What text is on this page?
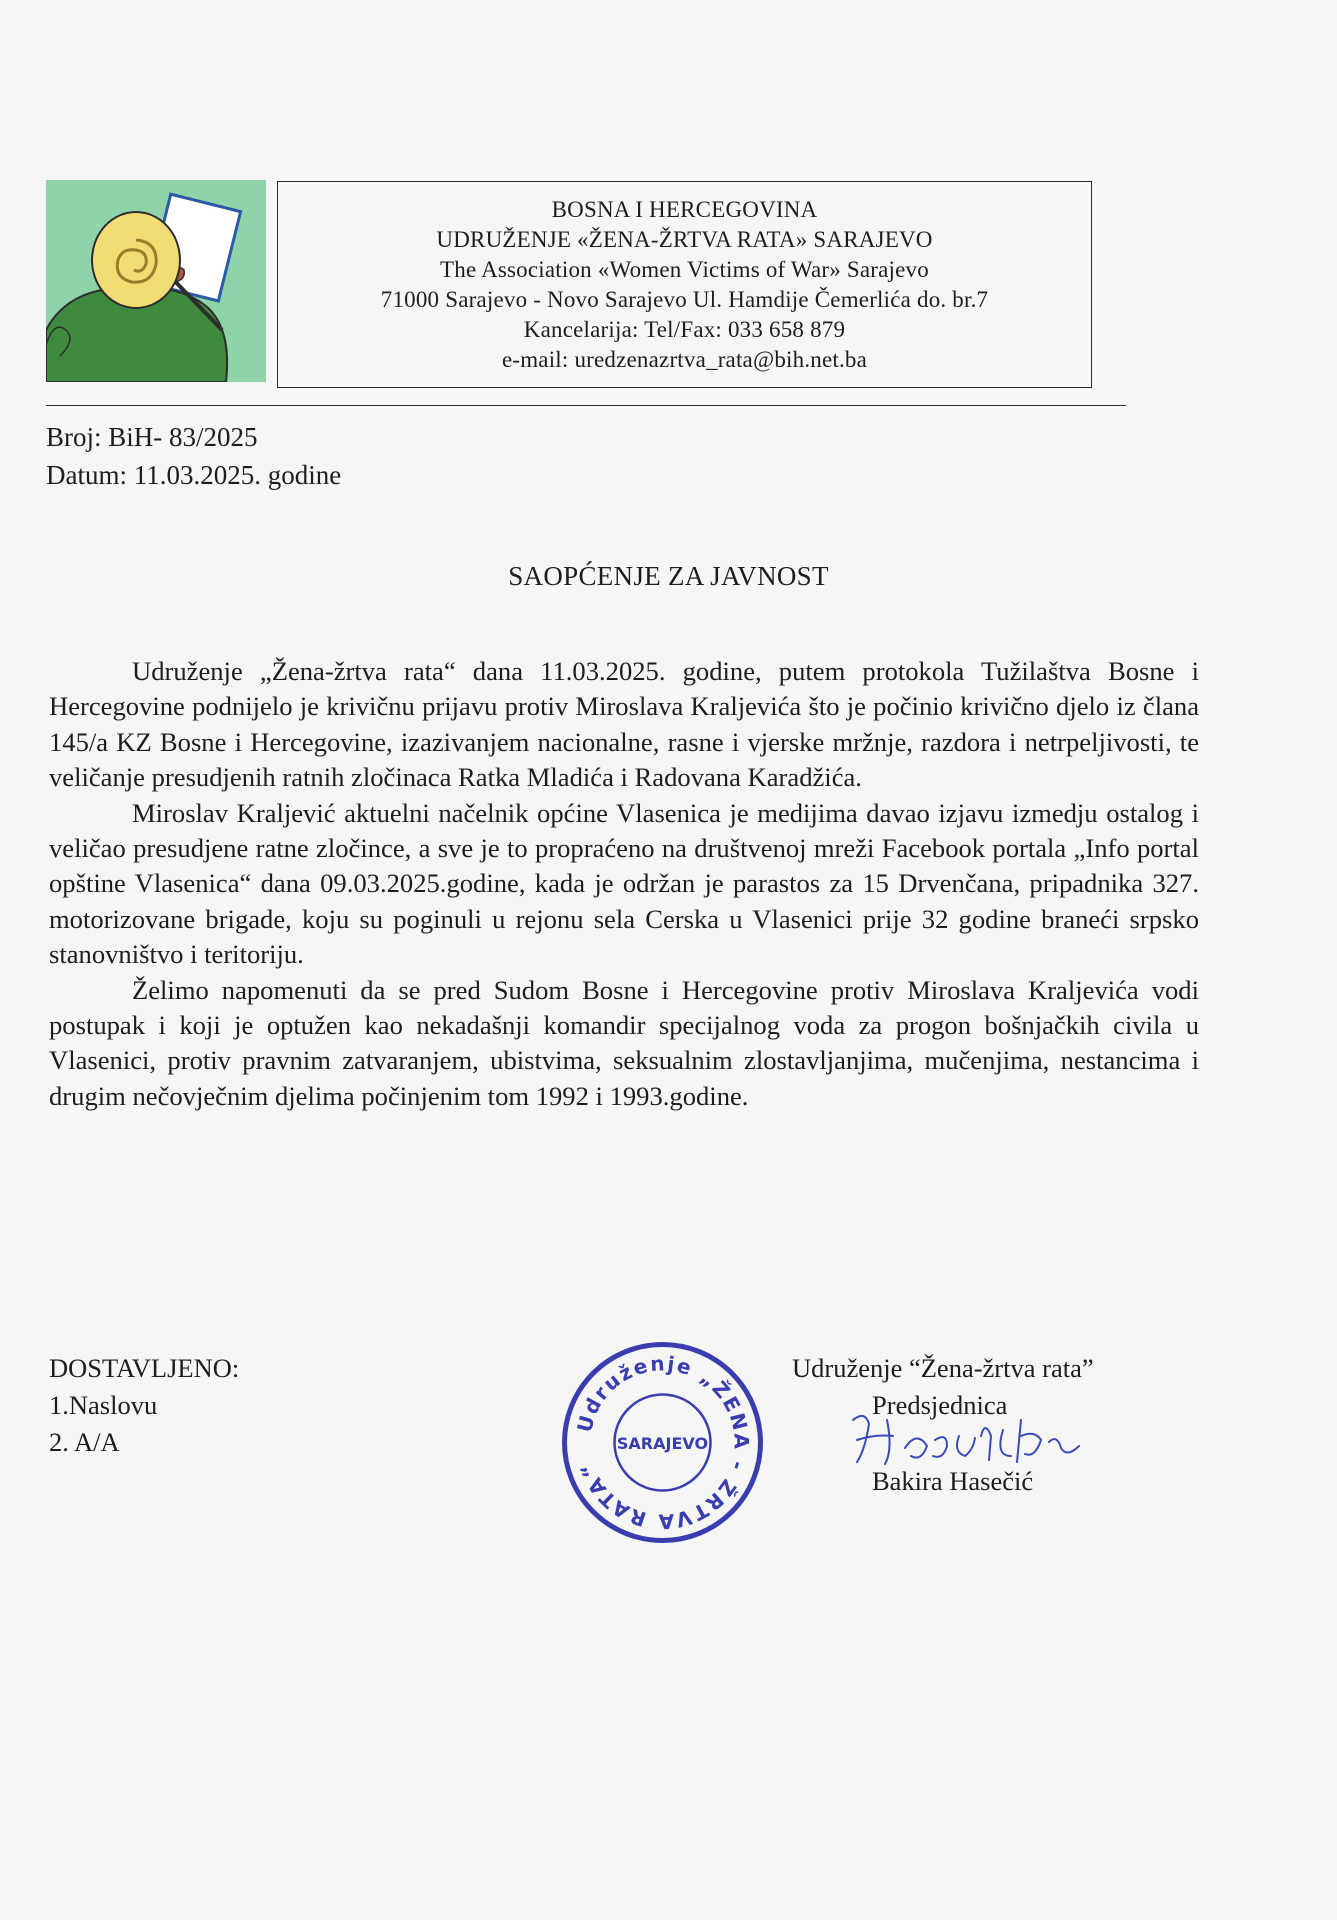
BOSNA I HERCEGOVINA
UDRUŽENJE «ŽENA-ŽRTVA RATA» SARAJEVO
The Association «Women Victims of War» Sarajevo
71000 Sarajevo - Novo Sarajevo Ul. Hamdije Čemerlića do. br.7
Kancelarija: Tel/Fax: 033 658 879
e-mail: uredzenazrtva_rata@bih.net.ba
Broj: BiH- 83/2025
Datum: 11.03.2025. godine
SAOPĆENJE ZA JAVNOST

Udruženje „Žena-žrtva rata“ dana 11.03.2025. godine, putem protokola Tužilaštva Bosne i Hercegovine podnijelo je krivičnu prijavu protiv Miroslava Kraljevića što je počinio krivično djelo iz člana 145/a KZ Bosne i Hercegovine, izazivanjem nacionalne, rasne i vjerske mržnje, razdora i netrpeljivosti, te veličanje presudjenih ratnih zločinaca Ratka Mladića i Radovana Karadžića.

Miroslav Kraljević aktuelni načelnik općine Vlasenica je medijima davao izjavu izmedju ostalog i veličao presudjene ratne zločince, a sve je to propraćeno na društvenoj mreži Facebook portala „Info portal opštine Vlasenica“ dana 09.03.2025.godine, kada je održan je parastos za 15 Drvenčana, pripadnika 327. motorizovane brigade, koju su poginuli u rejonu sela Cerska u Vlasenici prije 32 godine braneći srpsko stanovništvo i teritoriju.

Želimo napomenuti da se pred Sudom Bosne i Hercegovine protiv Miroslava Kraljevića vodi postupak i koji je optužen kao nekadašnji komandir specijalnog voda za progon bošnjačkih civila u Vlasenici, protiv pravnim zatvaranjem, ubistvima, seksualnim zlostavljanjima, mučenjima, nestancima i drugim nečovječnim djelima počinjenim tom 1992 i 1993.godine.

DOSTAVLJENO:
1.Naslovu
2. A/A
Udruženje „ŽENA - ŽRTVA RATA“
SARAJEVO
Udruženje “Žena-žrtva rata”
Predsjednica
Bakira Hasečić
